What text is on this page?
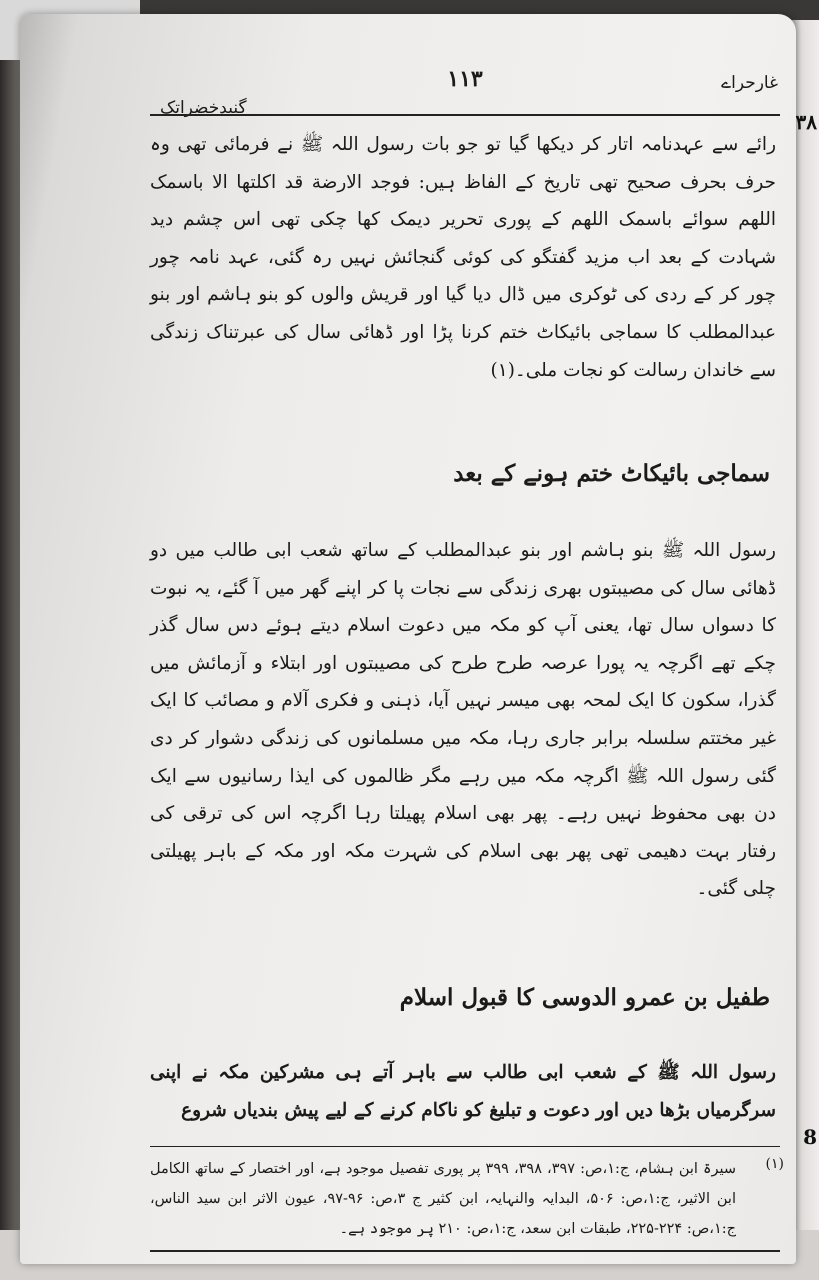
۳۸
8
غارحراے
۱۱۳
گنبدخضراتک
رائے سے عہدنامہ اتار کر دیکھا گیا تو جو بات رسول اللہ ﷺ نے فرمائی تھی وہ حرف بحرف صحیح تھی تاریخ کے الفاظ ہیں: فوجد الارضة قد اکلتھا الا باسمک اللھم سوائے باسمک اللھم کے پوری تحریر دیمک کھا چکی تھی اس چشم دید شہادت کے بعد اب مزید گفتگو کی کوئی گنجائش نہیں رہ گئی، عہد نامہ چور چور کر کے ردی کی ٹوکری میں ڈال دیا گیا اور قریش والوں کو بنو ہاشم اور بنو عبدالمطلب کا سماجی بائیکاٹ ختم کرنا پڑا اور ڈھائی سال کی عبرتناک زندگی سے خاندان رسالت کو نجات ملی۔(۱)
سماجی بائیکاٹ ختم ہونے کے بعد
رسول اللہ ﷺ بنو ہاشم اور بنو عبدالمطلب کے ساتھ شعب ابی طالب میں دو ڈھائی سال کی مصیبتوں بھری زندگی سے نجات پا کر اپنے گھر میں آ گئے، یہ نبوت کا دسواں سال تھا، یعنی آپ کو مکہ میں دعوت اسلام دیتے ہوئے دس سال گذر چکے تھے اگرچہ یہ پورا عرصہ طرح طرح کی مصیبتوں اور ابتلاء و آزمائش میں گذرا، سکون کا ایک لمحہ بھی میسر نہیں آیا، ذہنی و فکری آلام و مصائب کا ایک غیر مختتم سلسلہ برابر جاری رہا، مکہ میں مسلمانوں کی زندگی دشوار کر دی گئی رسول اللہ ﷺ اگرچہ مکہ میں رہے مگر ظالموں کی ایذا رسانیوں سے ایک دن بھی محفوظ نہیں رہے۔ پھر بھی اسلام پھیلتا رہا اگرچہ اس کی ترقی کی رفتار بہت دھیمی تھی پھر بھی اسلام کی شہرت مکہ اور مکہ کے باہر پھیلتی چلی گئی۔
طفیل بن عمرو الدوسی کا قبول اسلام
رسول اللہ ﷺ کے شعب ابی طالب سے باہر آتے ہی مشرکین مکہ نے اپنی سرگرمیاں بڑھا دیں اور دعوت و تبلیغ کو ناکام کرنے کے لیے پیش بندیاں شروع
(۱)
سیرۃ ابن ہشام، ج:۱،ص: ۳۹۷، ۳۹۸، ۳۹۹ پر پوری تفصیل موجود ہے، اور اختصار کے ساتھ الکامل ابن الاثیر، ج:۱،ص: ۵۰۶، البدایہ والنہایہ، ابن کثیر ج ۳،ص: ۹۶-۹۷، عیون الاثر ابن سید الناس، ج:۱،ص: ۲۲۴-۲۲۵، طبقات ابن سعد، ج:۱،ص: ۲۱۰ پر موجود ہے۔
